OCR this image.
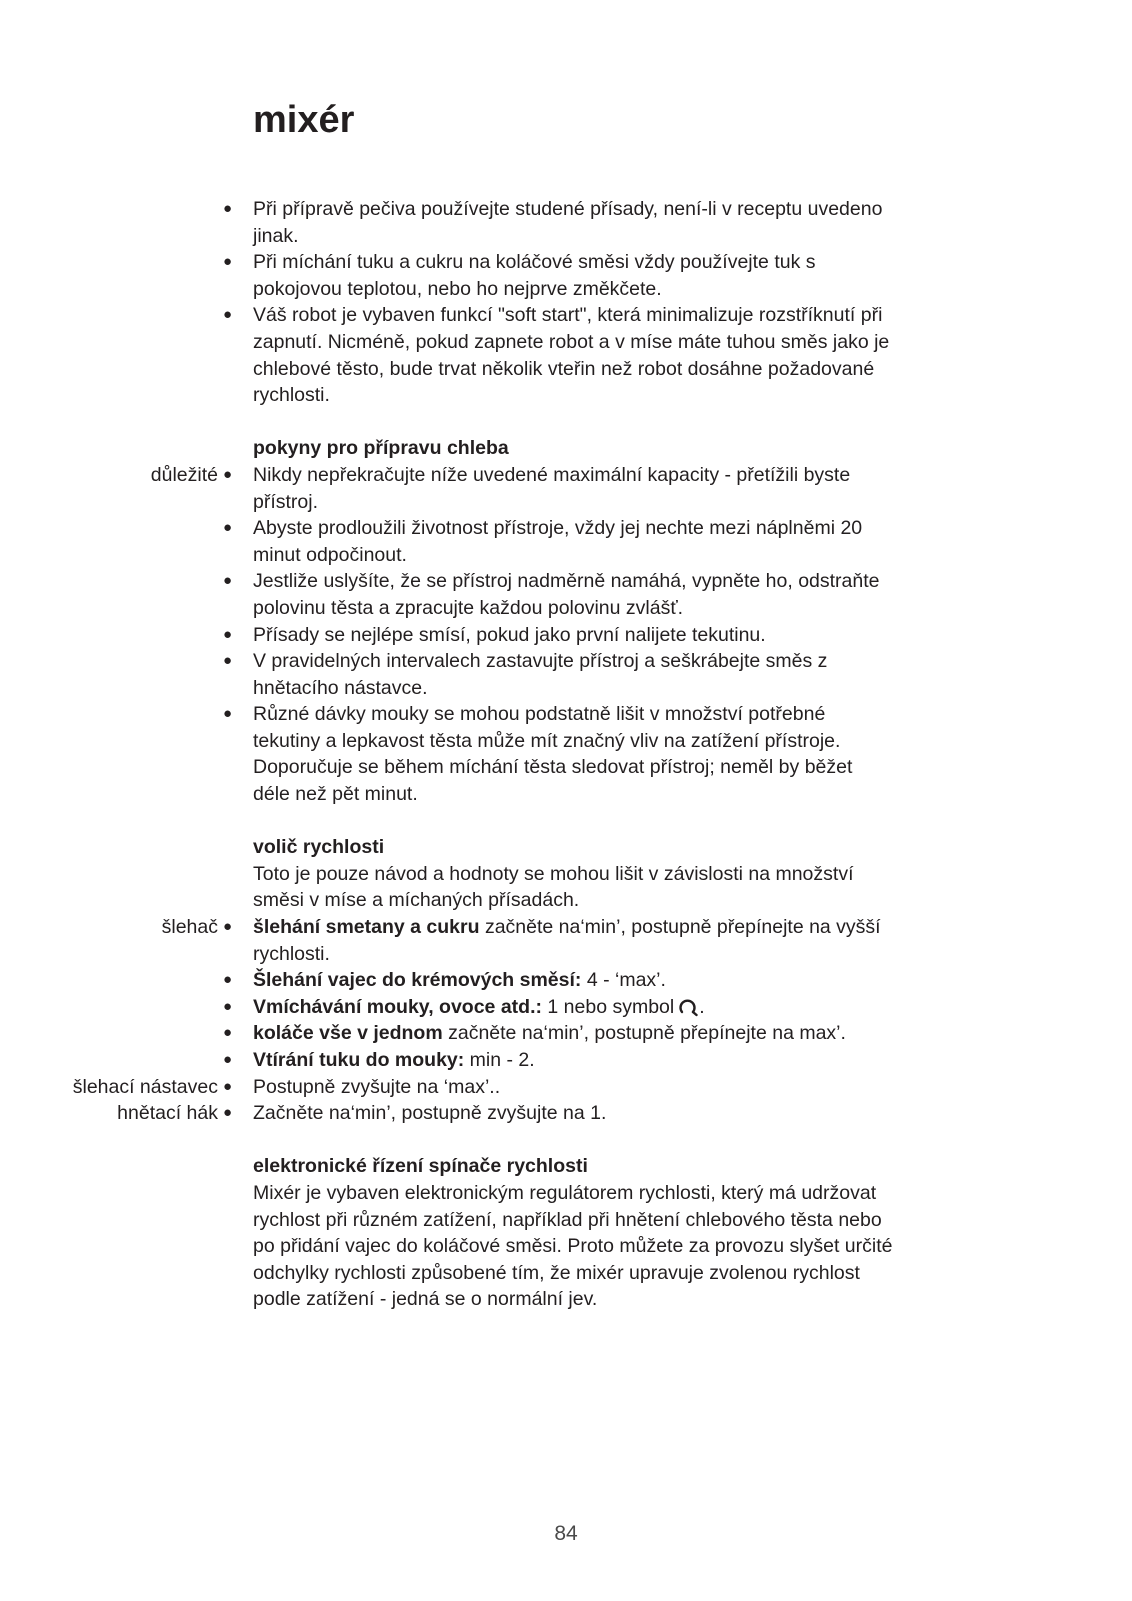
mixér
● Při přípravě pečiva používejte studené přísady, není-li v receptu uvedeno jinak.
● Při míchání tuku a cukru na koláčové směsi vždy používejte tuk s pokojovou teplotou, nebo ho nejprve změkčete.
● Váš robot je vybaven funkcí "soft start", která minimalizuje rozstříknutí při zapnutí. Nicméně, pokud zapnete robot a v míse máte tuhou směs jako je chlebové těsto, bude trvat několik vteřin než robot dosáhne požadované rychlosti.
pokyny pro přípravu chleba
● důležité Nikdy nepřekračujte níže uvedené maximální kapacity - přetížili byste přístroj.
● Abyste prodloužili životnost přístroje, vždy jej nechte mezi náplněmi 20 minut odpočinout.
● Jestliže uslyšíte, že se přístroj nadměrně namáhá, vypněte ho, odstraňte polovinu těsta a zpracujte každou polovinu zvlášť.
● Přísady se nejlépe smísí, pokud jako první nalijete tekutinu.
● V pravidelných intervalech zastavujte přístroj a seškrábejte směs z hnětacího nástavce.
● Různé dávky mouky se mohou podstatně lišit v množství potřebné tekutiny a lepkavost těsta může mít značný vliv na zatížení přístroje. Doporučuje se během míchání těsta sledovat přístroj; neměl by běžet déle než pět minut.
volič rychlosti
Toto je pouze návod a hodnoty se mohou lišit v závislosti na množství směsi v míse a míchaných přísadách.
● šlehač šlehání smetany a cukru začněte na‘min’, postupně přepínejte na vyšší rychlosti.
● Šlehání vajec do krémových směsí: 4 - ‘max’.
● Vmíchávání mouky, ovoce atd.: 1 nebo symbol .
● koláče vše v jednom začněte na‘min’, postupně přepínejte na max’.
● Vtírání tuku do mouky: min - 2.
● šlehací nástavec Postupně zvyšujte na ‘max’..
● hnětací hák Začněte na‘min’, postupně zvyšujte na 1.
elektronické řízení spínače rychlosti
Mixér je vybaven elektronickým regulátorem rychlosti, který má udržovat rychlost při různém zatížení, například při hnětení chlebového těsta nebo po přidání vajec do koláčové směsi. Proto můžete za provozu slyšet určité odchylky rychlosti způsobené tím, že mixér upravuje zvolenou rychlost podle zatížení - jedná se o normální jev.
84
